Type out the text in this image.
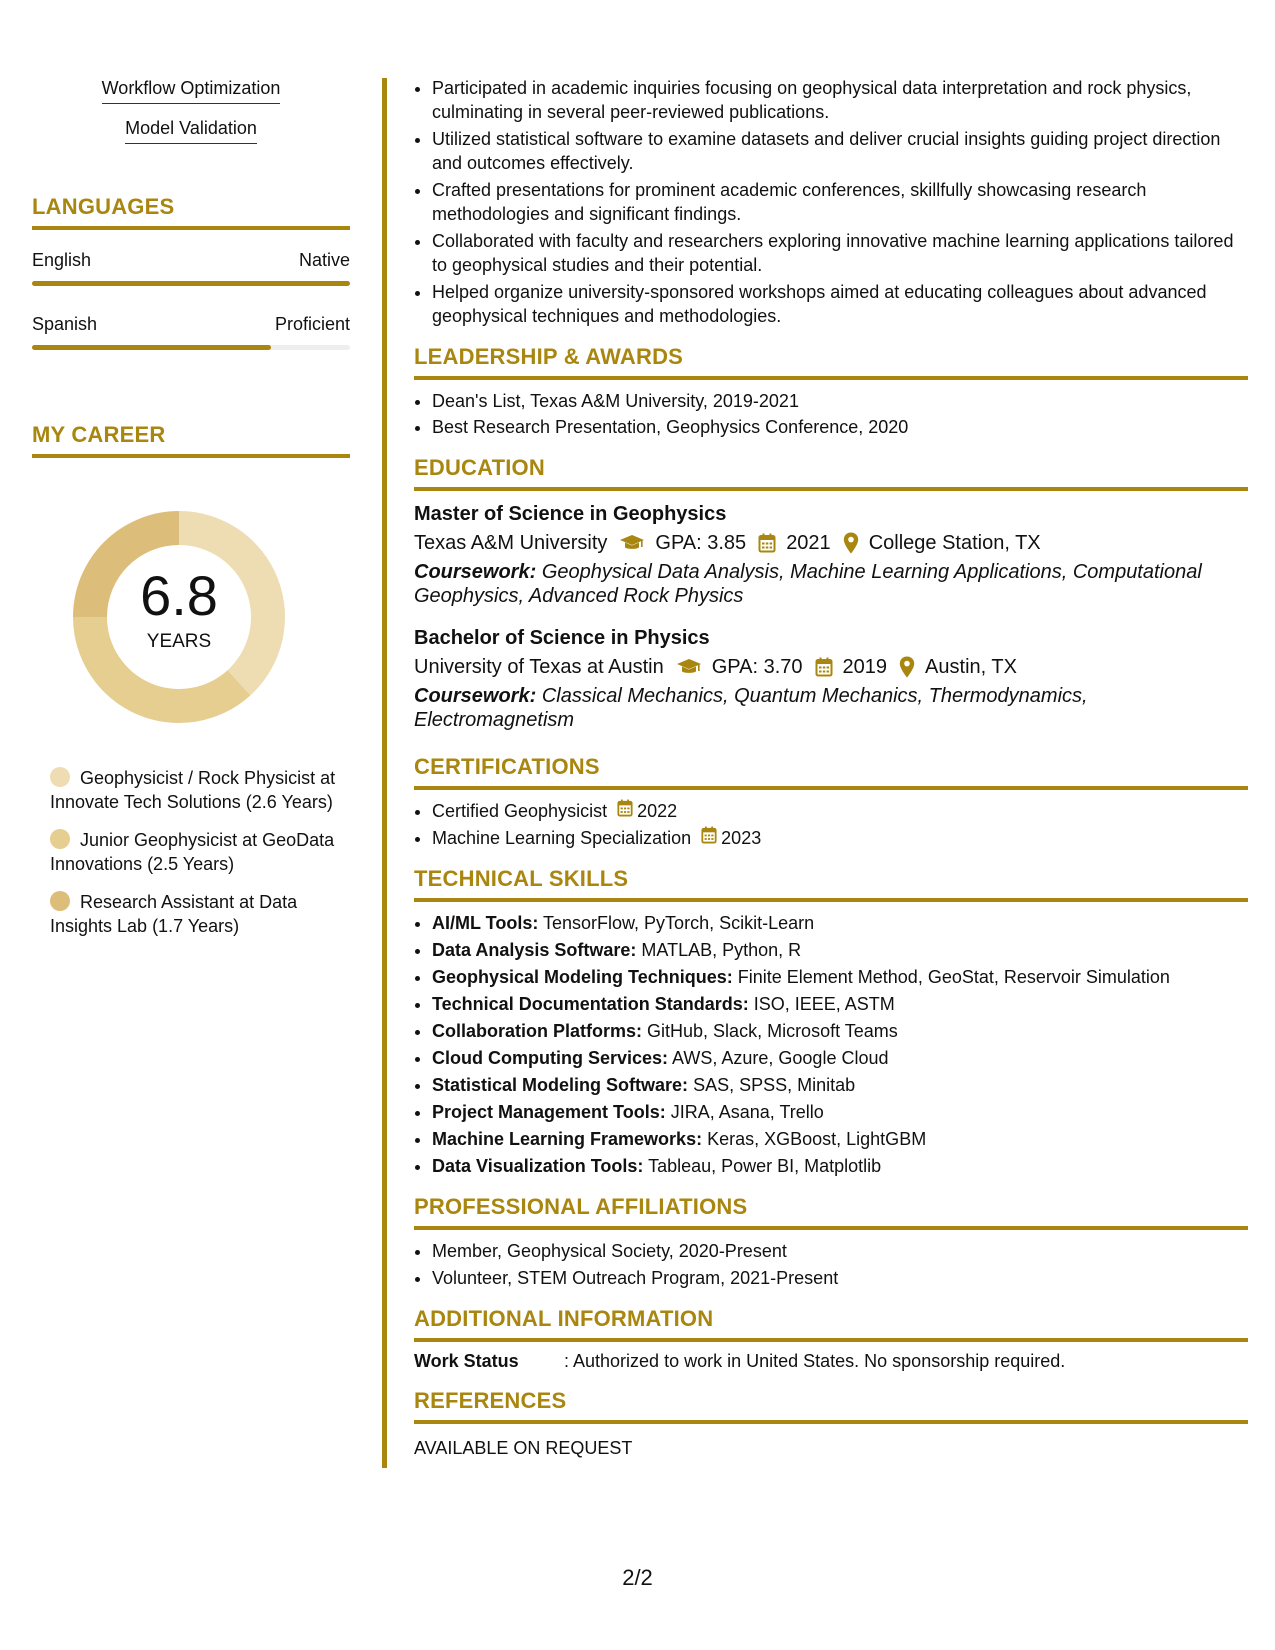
Workflow Optimization
Model Validation
LANGUAGES
English	Native
Spanish	Proficient
MY CAREER
6.8
YEARS
Geophysicist / Rock Physicist at Innovate Tech Solutions (2.6 Years)
Junior Geophysicist at GeoData Innovations (2.5 Years)
Research Assistant at Data Insights Lab (1.7 Years)
• Participated in academic inquiries focusing on geophysical data interpretation and rock physics, culminating in several peer-reviewed publications.
• Utilized statistical software to examine datasets and deliver crucial insights guiding project direction and outcomes effectively.
• Crafted presentations for prominent academic conferences, skillfully showcasing research methodologies and significant findings.
• Collaborated with faculty and researchers exploring innovative machine learning applications tailored to geophysical studies and their potential.
• Helped organize university-sponsored workshops aimed at educating colleagues about advanced geophysical techniques and methodologies.
LEADERSHIP & AWARDS
• Dean's List, Texas A&M University, 2019-2021
• Best Research Presentation, Geophysics Conference, 2020
EDUCATION
Master of Science in Geophysics
Texas A&M University GPA: 3.85 2021 College Station, TX
Coursework: Geophysical Data Analysis, Machine Learning Applications, Computational Geophysics, Advanced Rock Physics
Bachelor of Science in Physics
University of Texas at Austin GPA: 3.70 2019 Austin, TX
Coursework: Classical Mechanics, Quantum Mechanics, Thermodynamics, Electromagnetism
CERTIFICATIONS
• Certified Geophysicist 2022
• Machine Learning Specialization 2023
TECHNICAL SKILLS
• AI/ML Tools: TensorFlow, PyTorch, Scikit-Learn
• Data Analysis Software: MATLAB, Python, R
• Geophysical Modeling Techniques: Finite Element Method, GeoStat, Reservoir Simulation
• Technical Documentation Standards: ISO, IEEE, ASTM
• Collaboration Platforms: GitHub, Slack, Microsoft Teams
• Cloud Computing Services: AWS, Azure, Google Cloud
• Statistical Modeling Software: SAS, SPSS, Minitab
• Project Management Tools: JIRA, Asana, Trello
• Machine Learning Frameworks: Keras, XGBoost, LightGBM
• Data Visualization Tools: Tableau, Power BI, Matplotlib
PROFESSIONAL AFFILIATIONS
• Member, Geophysical Society, 2020-Present
• Volunteer, STEM Outreach Program, 2021-Present
ADDITIONAL INFORMATION
Work Status	: Authorized to work in United States. No sponsorship required.
REFERENCES
AVAILABLE ON REQUEST
2/2
